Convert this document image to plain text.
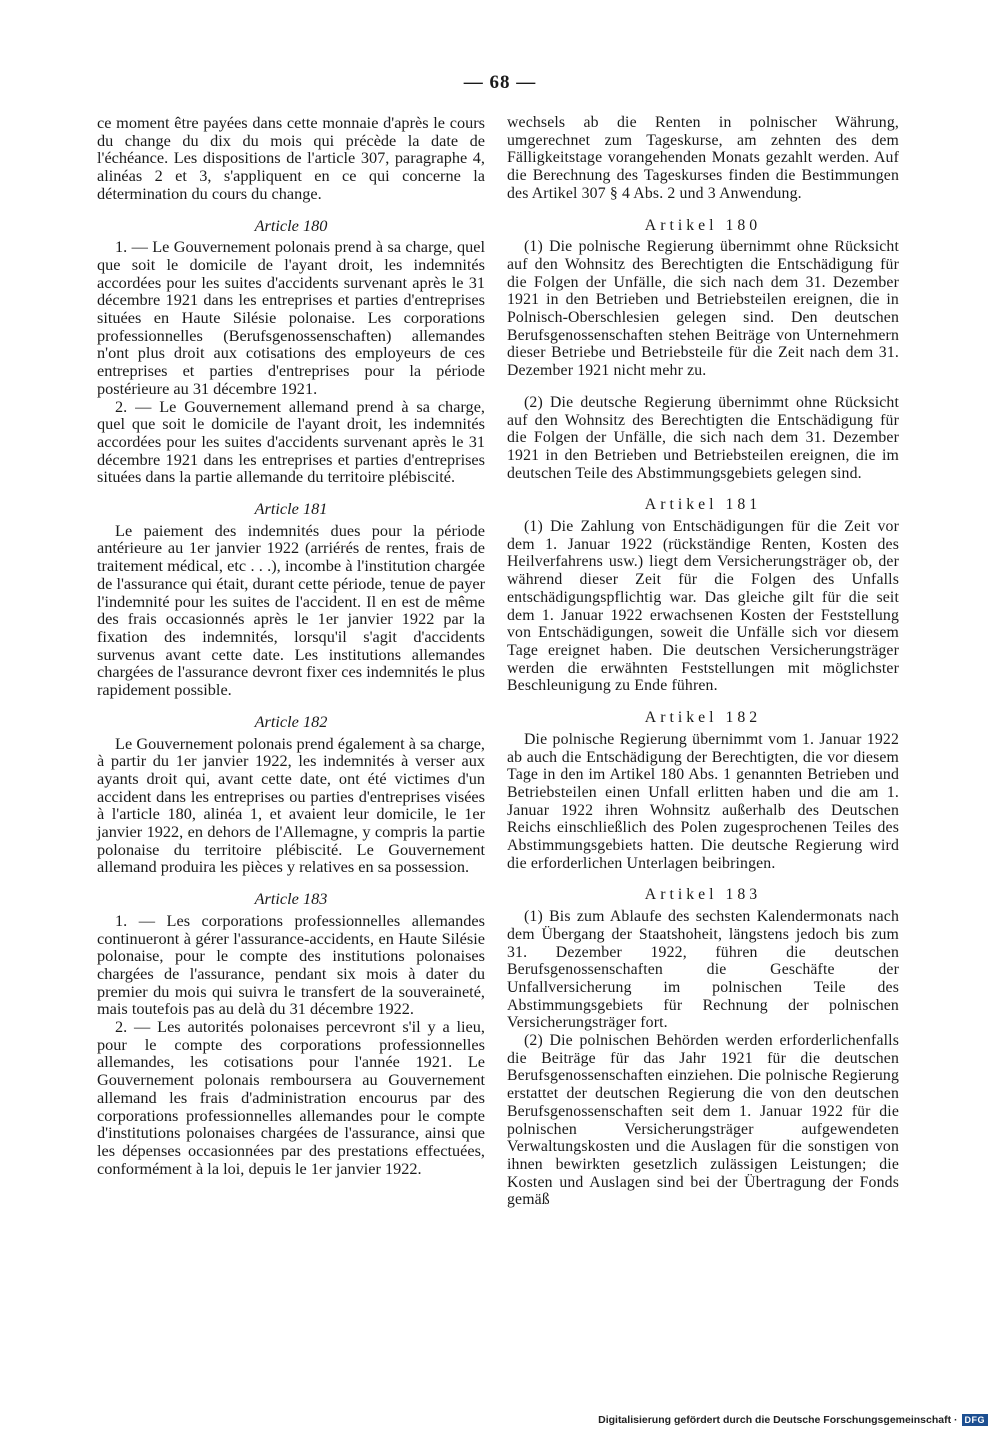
— 68 —

ce moment être payées dans cette monnaie d'après le cours du change du dix du mois qui précède la date de l'échéance. Les dispositions de l'article 307, paragraphe 4, alinéas 2 et 3, s'appliquent en ce qui concerne la détermination du cours du change.

Article 180

1. — Le Gouvernement polonais prend à sa charge, quel que soit le domicile de l'ayant droit, les indemnités accordées pour les suites d'accidents survenant après le 31 décembre 1921 dans les entreprises et parties d'entreprises situées en Haute Silésie polonaise. Les corporations professionnelles (Berufsgenossenschaften) allemandes n'ont plus droit aux cotisations des employeurs de ces entreprises et parties d'entreprises pour la période postérieure au 31 décembre 1921.

2. — Le Gouvernement allemand prend à sa charge, quel que soit le domicile de l'ayant droit, les indemnités accordées pour les suites d'accidents survenant après le 31 décembre 1921 dans les entreprises et parties d'entreprises situées dans la partie allemande du territoire plébiscité.

Article 181

Le paiement des indemnités dues pour la période antérieure au 1er janvier 1922 (arriérés de rentes, frais de traitement médical, etc . . .), incombe à l'institution chargée de l'assurance qui était, durant cette période, tenue de payer l'indemnité pour les suites de l'accident. Il en est de même des frais occasionnés après le 1er janvier 1922 par la fixation des indemnités, lorsqu'il s'agit d'accidents survenus avant cette date. Les institutions allemandes chargées de l'assurance devront fixer ces indemnités le plus rapidement possible.

Article 182

Le Gouvernement polonais prend également à sa charge, à partir du 1er janvier 1922, les indemnités à verser aux ayants droit qui, avant cette date, ont été victimes d'un accident dans les entreprises ou parties d'entreprises visées à l'article 180, alinéa 1, et avaient leur domicile, le 1er janvier 1922, en dehors de l'Allemagne, y compris la partie polonaise du territoire plébiscité. Le Gouvernement allemand produira les pièces y relatives en sa possession.

Article 183

1. — Les corporations professionnelles allemandes continueront à gérer l'assurance-accidents, en Haute Silésie polonaise, pour le compte des institutions polonaises chargées de l'assurance, pendant six mois à dater du premier du mois qui suivra le transfert de la souveraineté, mais toutefois pas au delà du 31 décembre 1922.

2. — Les autorités polonaises percevront s'il y a lieu, pour le compte des corporations professionnelles allemandes, les cotisations pour l'année 1921. Le Gouvernement polonais remboursera au Gouvernement allemand les frais d'administration encourus par des corporations professionnelles allemandes pour le compte d'institutions polonaises chargées de l'assurance, ainsi que les dépenses occasionnées par des prestations effectuées, conformément à la loi, depuis le 1er janvier 1922.

wechsels ab die Renten in polnischer Währung, umgerechnet zum Tageskurse, am zehnten des dem Fälligkeitstage vorangehenden Monats gezahlt werden. Auf die Berechnung des Tageskurses finden die Bestimmungen des Artikel 307 § 4 Abs. 2 und 3 Anwendung.

Artikel 180

(1) Die polnische Regierung übernimmt ohne Rücksicht auf den Wohnsitz des Berechtigten die Entschädigung für die Folgen der Unfälle, die sich nach dem 31. Dezember 1921 in den Betrieben und Betriebsteilen ereignen, die in Polnisch-Oberschlesien gelegen sind. Den deutschen Berufsgenossenschaften stehen Beiträge von Unternehmern dieser Betriebe und Betriebsteile für die Zeit nach dem 31. Dezember 1921 nicht mehr zu.

(2) Die deutsche Regierung übernimmt ohne Rücksicht auf den Wohnsitz des Berechtigten die Entschädigung für die Folgen der Unfälle, die sich nach dem 31. Dezember 1921 in den Betrieben und Betriebsteilen ereignen, die im deutschen Teile des Abstimmungsgebiets gelegen sind.

Artikel 181

(1) Die Zahlung von Entschädigungen für die Zeit vor dem 1. Januar 1922 (rückständige Renten, Kosten des Heilverfahrens usw.) liegt dem Versicherungsträger ob, der während dieser Zeit für die Folgen des Unfalls entschädigungspflichtig war. Das gleiche gilt für die seit dem 1. Januar 1922 erwachsenen Kosten der Feststellung von Entschädigungen, soweit die Unfälle sich vor diesem Tage ereignet haben. Die deutschen Versicherungsträger werden die erwähnten Feststellungen mit möglichster Beschleunigung zu Ende führen.

Artikel 182

Die polnische Regierung übernimmt vom 1. Januar 1922 ab auch die Entschädigung der Berechtigten, die vor diesem Tage in den im Artikel 180 Abs. 1 genannten Betrieben und Betriebsteilen einen Unfall erlitten haben und die am 1. Januar 1922 ihren Wohnsitz außerhalb des Deutschen Reichs einschließlich des Polen zugesprochenen Teiles des Abstimmungsgebiets hatten. Die deutsche Regierung wird die erforderlichen Unterlagen beibringen.

Artikel 183

(1) Bis zum Ablaufe des sechsten Kalendermonats nach dem Übergang der Staatshoheit, längstens jedoch bis zum 31. Dezember 1922, führen die deutschen Berufsgenossenschaften die Geschäfte der Unfallversicherung im polnischen Teile des Abstimmungsgebiets für Rechnung der polnischen Versicherungsträger fort.

(2) Die polnischen Behörden werden erforderlichenfalls die Beiträge für das Jahr 1921 für die deutschen Berufsgenossenschaften einziehen. Die polnische Regierung erstattet der deutschen Regierung die von den deutschen Berufsgenossenschaften seit dem 1. Januar 1922 für die polnischen Versicherungsträger aufgewendeten Verwaltungskosten und die Auslagen für die sonstigen von ihnen bewirkten gesetzlich zulässigen Leistungen; die Kosten und Auslagen sind bei der Übertragung der Fonds gemäß

Digitalisierung gefördert durch die Deutsche Forschungsgemeinschaft · DFG
